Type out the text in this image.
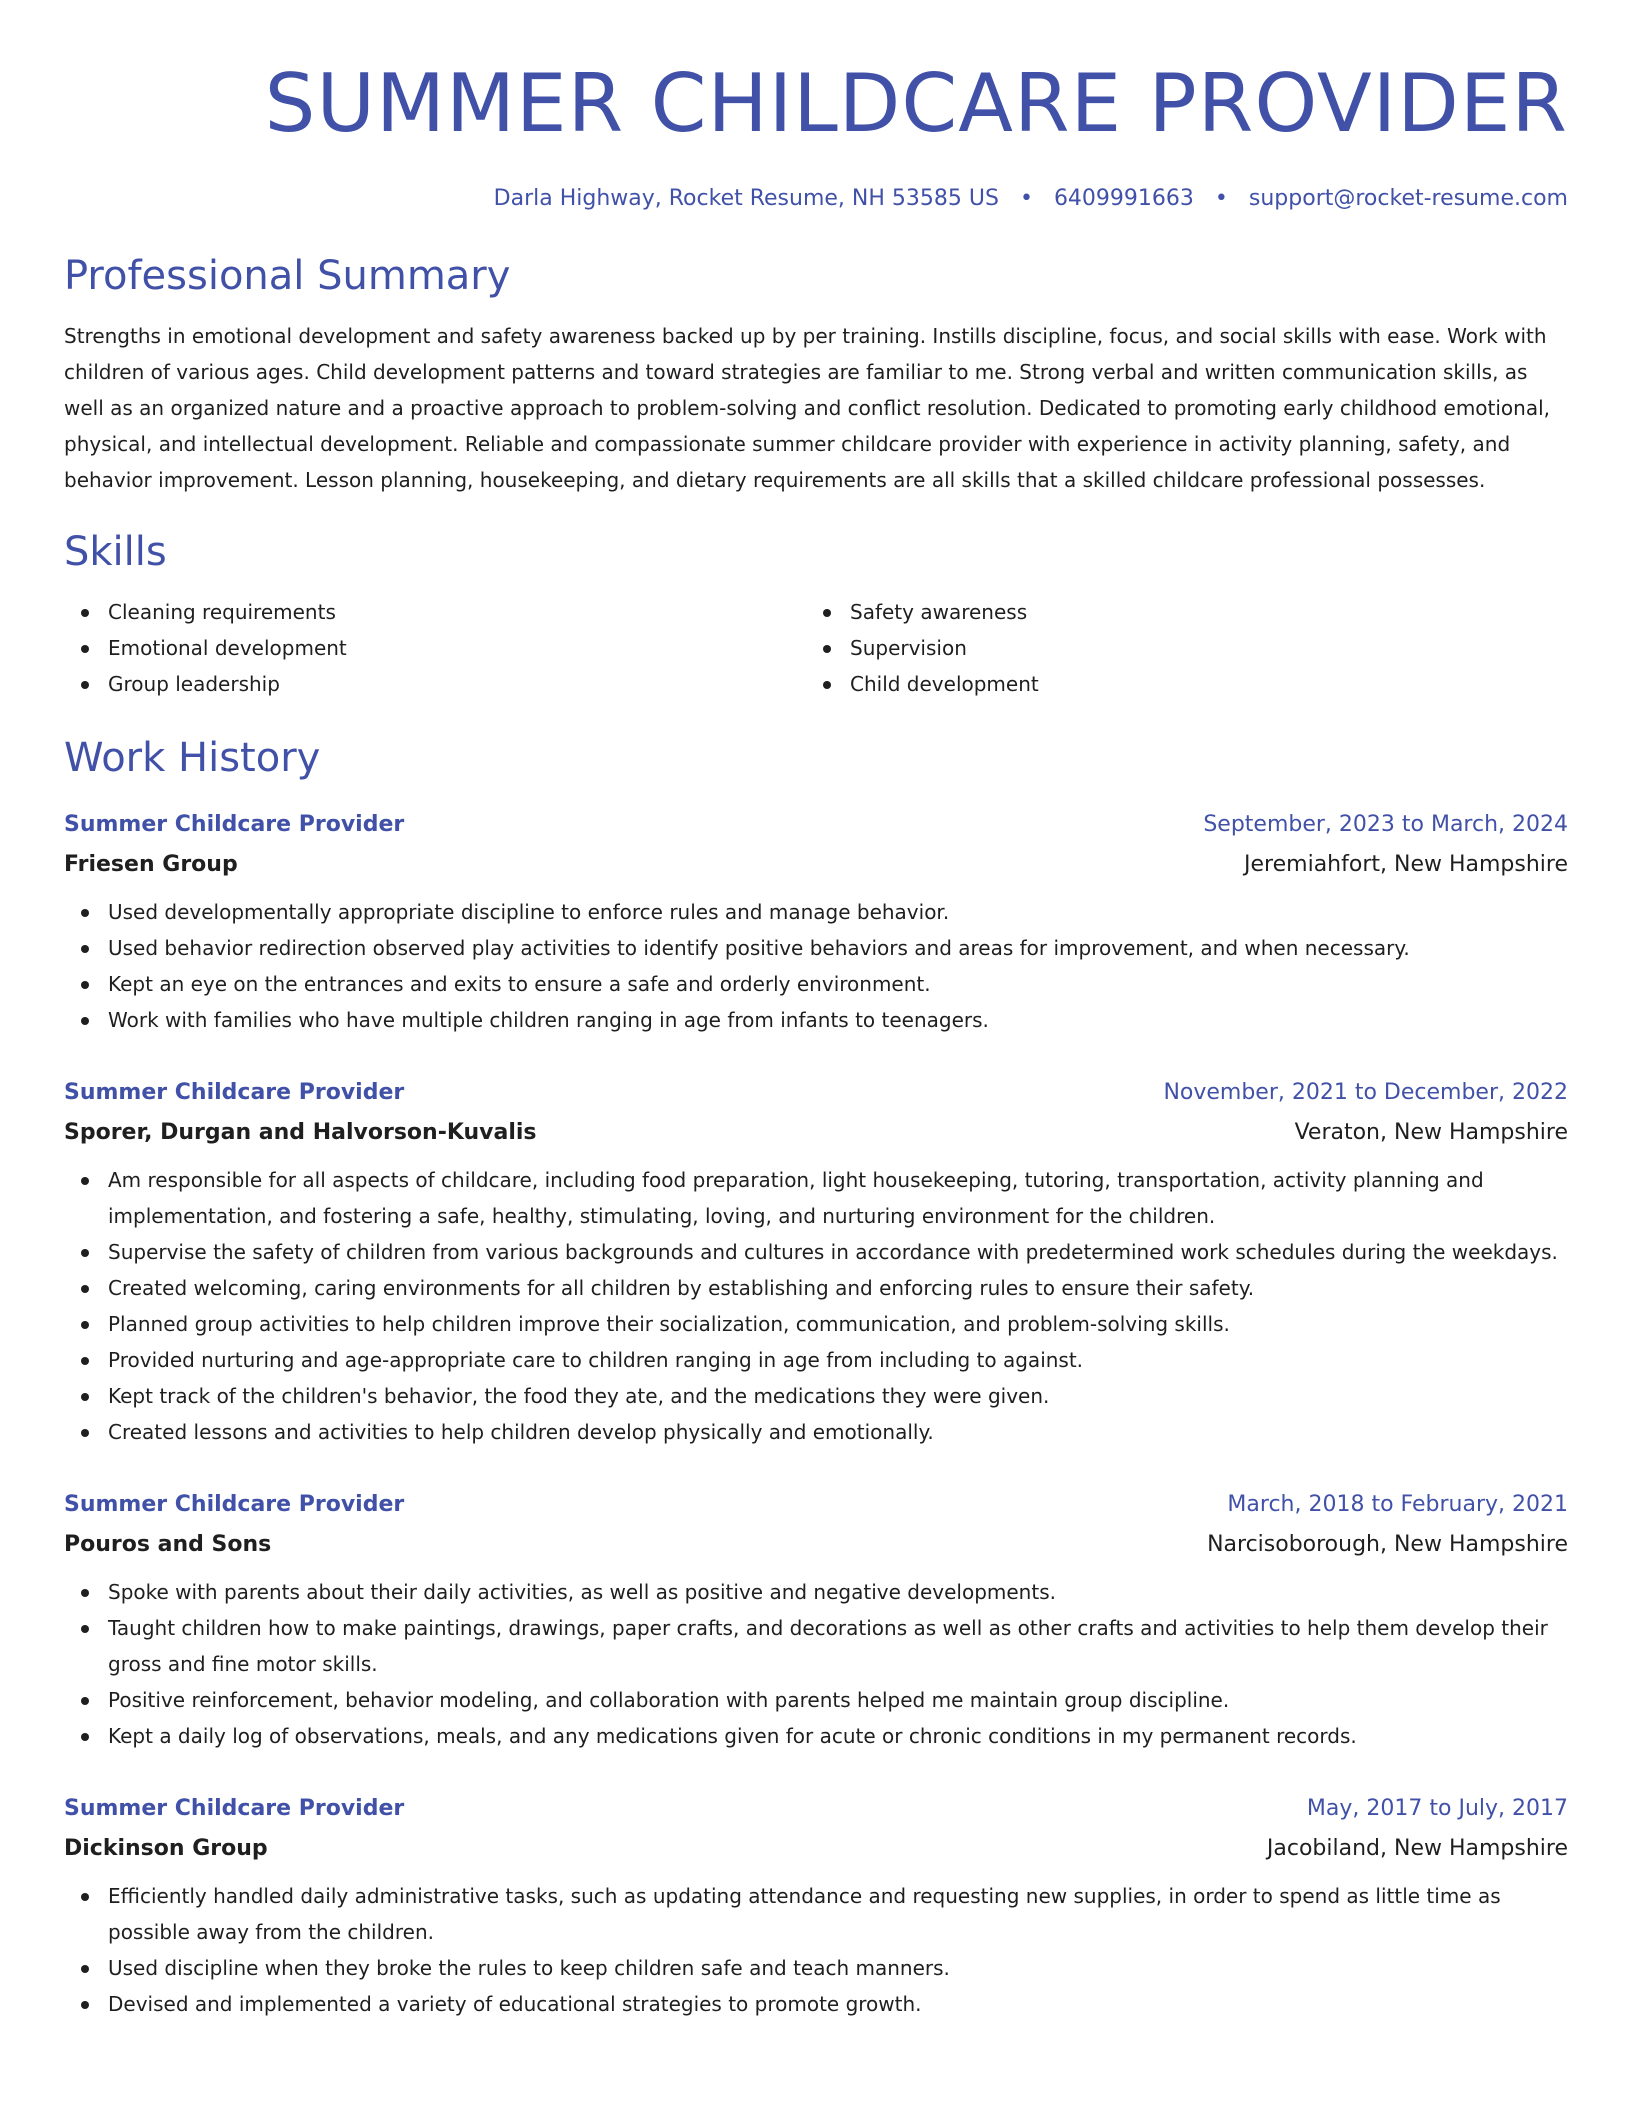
SUMMER CHILDCARE PROVIDER
Darla Highway, Rocket Resume, NH 53585 US • 6409991663 • support@rocket-resume.com
Professional Summary

Strengths in emotional development and safety awareness backed up by per training. Instills discipline, focus, and social skills with ease. Work with children of various ages. Child development patterns and toward strategies are familiar to me. Strong verbal and written communication skills, as well as an organized nature and a proactive approach to problem-solving and conflict resolution. Dedicated to promoting early childhood emotional, physical, and intellectual development. Reliable and compassionate summer childcare provider with experience in activity planning, safety, and behavior improvement. Lesson planning, housekeeping, and dietary requirements are all skills that a skilled childcare professional possesses.

Skills
Cleaning requirements
Emotional development
Group leadership
Safety awareness
Supervision
Child development
Work History
Summer Childcare Provider	September, 2023 to March, 2024
Friesen Group	Jeremiahfort, New Hampshire
Used developmentally appropriate discipline to enforce rules and manage behavior.
Used behavior redirection observed play activities to identify positive behaviors and areas for improvement, and when necessary.
Kept an eye on the entrances and exits to ensure a safe and orderly environment.
Work with families who have multiple children ranging in age from infants to teenagers.
Summer Childcare Provider	November, 2021 to December, 2022
Sporer, Durgan and Halvorson-Kuvalis	Veraton, New Hampshire
Am responsible for all aspects of childcare, including food preparation, light housekeeping, tutoring, transportation, activity planning and implementation, and fostering a safe, healthy, stimulating, loving, and nurturing environment for the children.
Supervise the safety of children from various backgrounds and cultures in accordance with predetermined work schedules during the weekdays.
Created welcoming, caring environments for all children by establishing and enforcing rules to ensure their safety.
Planned group activities to help children improve their socialization, communication, and problem-solving skills.
Provided nurturing and age-appropriate care to children ranging in age from including to against.
Kept track of the children's behavior, the food they ate, and the medications they were given.
Created lessons and activities to help children develop physically and emotionally.
Summer Childcare Provider	March, 2018 to February, 2021
Pouros and Sons	Narcisoborough, New Hampshire
Spoke with parents about their daily activities, as well as positive and negative developments.
Taught children how to make paintings, drawings, paper crafts, and decorations as well as other crafts and activities to help them develop their gross and fine motor skills.
Positive reinforcement, behavior modeling, and collaboration with parents helped me maintain group discipline.
Kept a daily log of observations, meals, and any medications given for acute or chronic conditions in my permanent records.
Summer Childcare Provider	May, 2017 to July, 2017
Dickinson Group	Jacobiland, New Hampshire
Efficiently handled daily administrative tasks, such as updating attendance and requesting new supplies, in order to spend as little time as possible away from the children.
Used discipline when they broke the rules to keep children safe and teach manners.
Devised and implemented a variety of educational strategies to promote growth.
